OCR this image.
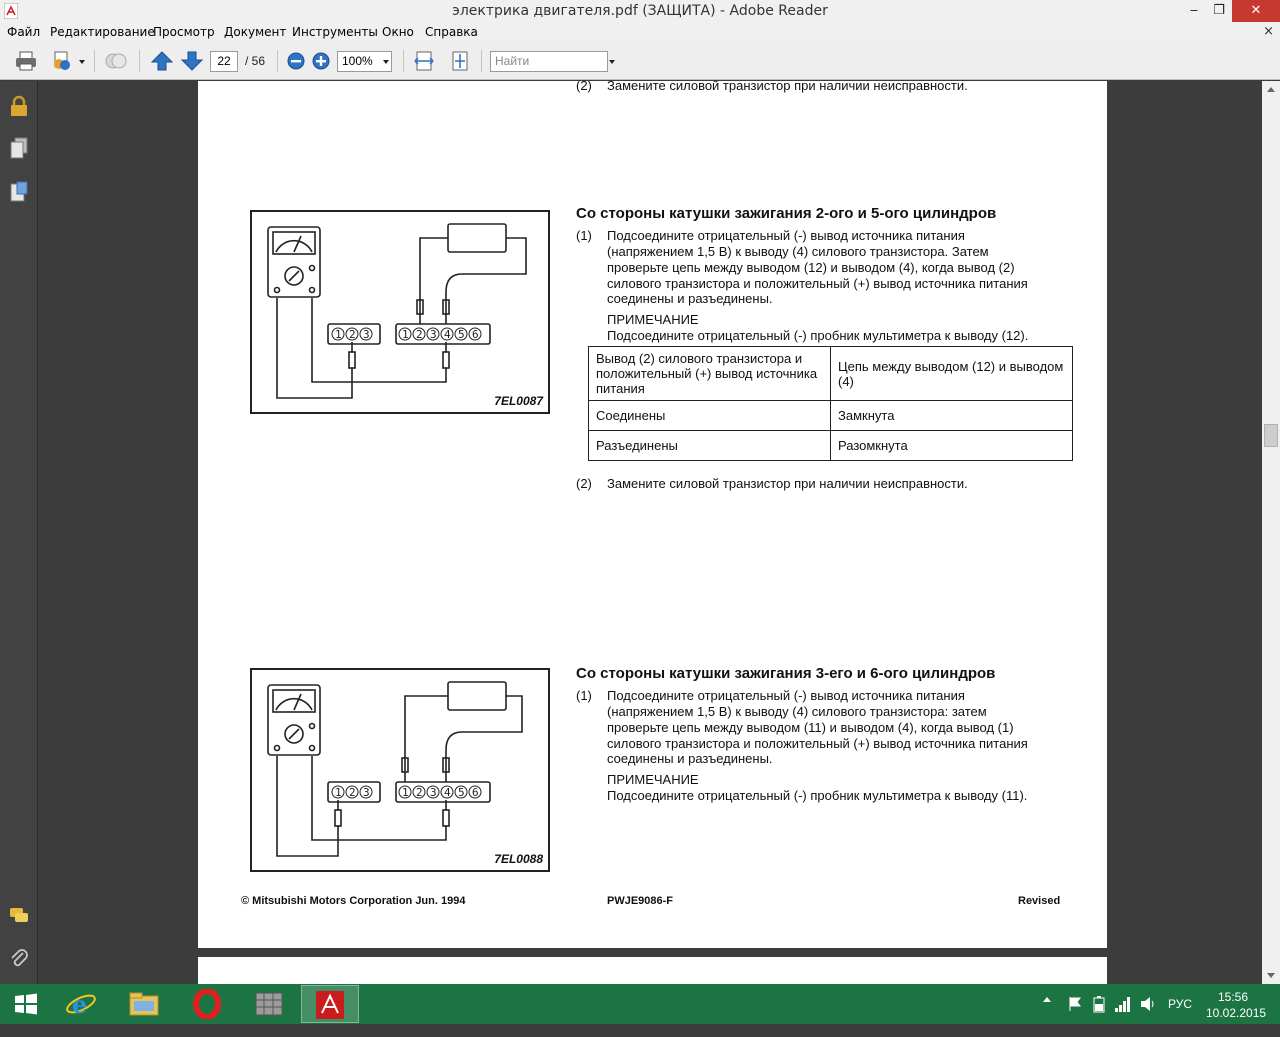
электрика двигателя.pdf (ЗАЩИТА) - Adobe Reader	‒	❐	✕
Файл Редактирование
Просмотр Документ Инструменты Окно Справка	×
22	/ 56	100%	Найти
(2) Замените силовой транзистор при наличии неисправности.
1 2 3	1 2 3 4 5 6
7EL0087
Со стороны катушки зажигания 2-ого и 5-ого цилиндров
(1) Подсоедините отрицательный (-) вывод источника питания
(напряжением 1,5 В) к выводу (4) силового транзистора. Затем
проверьте цепь между выводом (12) и выводом (4), когда вывод (2)
силового транзистора и положительный (+) вывод источника питания
соединены и разъединены.
ПРИМЕЧАНИЕ
Подсоедините отрицательный (-) пробник мультиметра к выводу (12).
Вывод (2) силового транзистора и положительный (+) вывод источника питания	Цепь между выводом (12) и выводом (4)
Соединены	Замкнута
Разъединены	Разомкнута
(2) Замените силовой транзистор при наличии неисправности.
1 2 3	1 2 3 4 5 6
7EL0088
Со стороны катушки зажигания 3-его и 6-ого цилиндров
(1) Подсоедините отрицательный (-) вывод источника питания
(напряжением 1,5 В) к выводу (4) силового транзистора: затем
проверьте цепь между выводом (11) и выводом (4), когда вывод (1)
силового транзистора и положительный (+) вывод источника питания
соединены и разъединены.
ПРИМЕЧАНИЕ
Подсоедините отрицательный (-) пробник мультиметра к выводу (11).
© Mitsubishi Motors Corporation Jun. 1994	PWJE9086-F	Revised
e	РУС 15:56
10.02.2015
